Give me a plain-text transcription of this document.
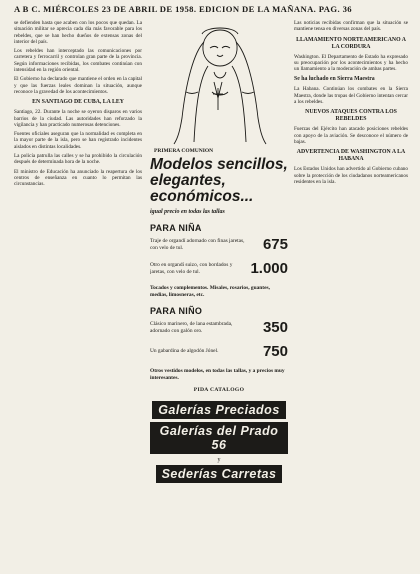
A B C. MIÉRCOLES 23 DE ABRIL DE 1958. EDICION DE LA MAÑANA. PAG. 36

se defienden hasta que acaben con los pocos que quedan. La situación militar se aprecia cada día más favorable para los rebeldes, que se han hecho dueños de extensas zonas del interior del país.

Los rebeldes han interceptado las comunicaciones por carretera y ferrocarril y controlan gran parte de la provincia. Según informaciones recibidas, los combates continúan con intensidad en la región oriental.

El Gobierno ha declarado que mantiene el orden en la capital y que las fuerzas leales dominan la situación, aunque reconoce la gravedad de los acontecimientos.

EN SANTIAGO DE CUBA, LA LEY

Santiago, 22. Durante la noche se oyeron disparos en varios barrios de la ciudad. Las autoridades han reforzado la vigilancia y han practicado numerosas detenciones.

Fuentes oficiales aseguran que la normalidad es completa en la mayor parte de la isla, pero se han registrado incidentes aislados en distintas localidades.

La policía patrulla las calles y se ha prohibido la circulación después de determinada hora de la noche.

El ministro de Educación ha anunciado la reapertura de los centros de enseñanza en cuanto lo permitan las circunstancias.

PRIMERA COMUNION
Modelos sencillos, elegantes, económicos...
igual precio en todas las tallas
PARA NIÑA
Traje de organdí adornado con finas jaretas, con velo de tul.	675
Otro en organdí suizo, con bordados y jaretas, con velo de tul.	1.000
Tocados y complementos. Misales, rosarios, guantes, medias, limosneras, etc.
PARA NIÑO
Clásico marinero, de lana estambrada, adornado con galón oro.	350
Un gabardina de algodón Jónel.	750
Otros vestidos modelos, en todas las tallas, y a precios muy interesantes.
PIDA CATALOGO
Galerías Preciados
Galerías del Prado 56
y
Sederías Carretas

Las noticias recibidas confirman que la situación se mantiene tensa en diversas zonas del país.

LLAMAMIENTO NORTEAMERICANO A LA CORDURA

Washington. El Departamento de Estado ha expresado su preocupación por los acontecimientos y ha hecho un llamamiento a la moderación de ambas partes.

Se ha luchado en Sierra Maestra

La Habana. Continúan los combates en la Sierra Maestra, donde las tropas del Gobierno intentan cercar a los rebeldes.

NUEVOS ATAQUES CONTRA LOS REBELDES

Fuerzas del Ejército han atacado posiciones rebeldes con apoyo de la aviación. Se desconoce el número de bajas.

ADVERTENCIA DE WASHINGTON A LA HABANA

Los Estados Unidos han advertido al Gobierno cubano sobre la protección de los ciudadanos norteamericanos residentes en la isla.
